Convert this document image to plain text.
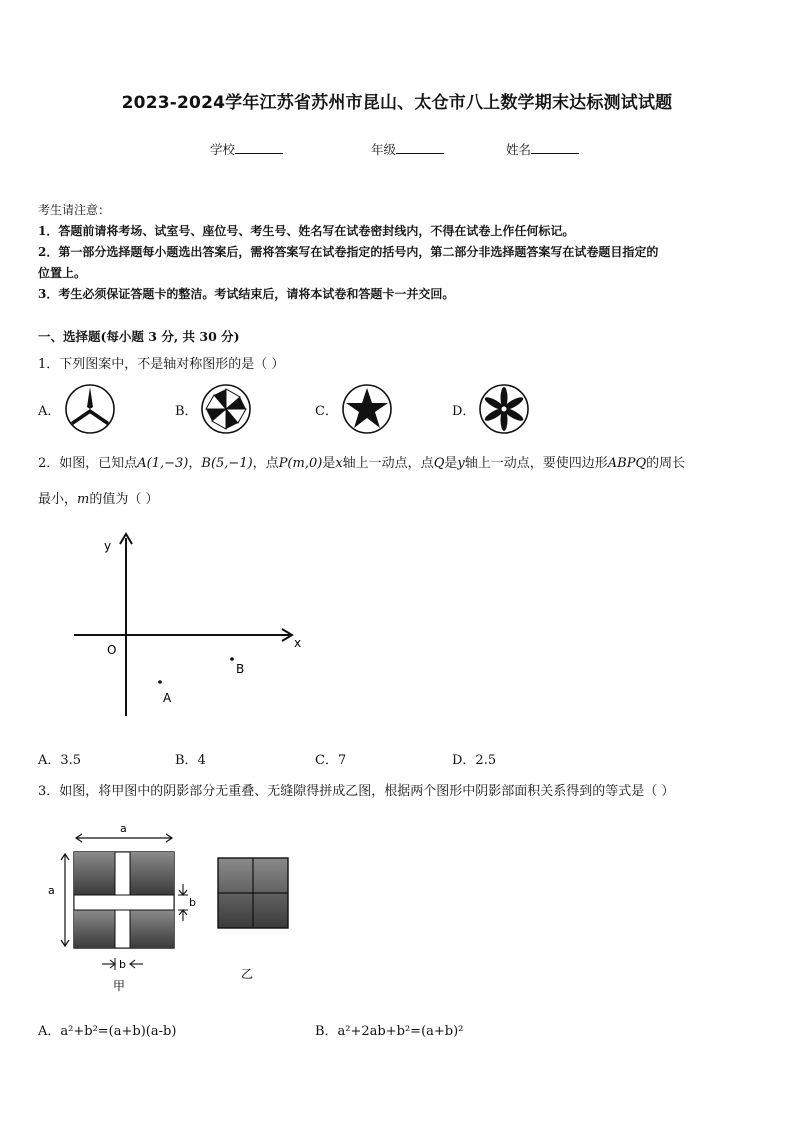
2023-2024学年江苏省苏州市昆山、太仓市八上数学期末达标测试试题
学校	年级	姓名
考生请注意：
1．答题前请将考场、试室号、座位号、考生号、姓名写在试卷密封线内，不得在试卷上作任何标记。
2．第一部分选择题每小题选出答案后，需将答案写在试卷指定的括号内，第二部分非选择题答案写在试卷题目指定的
位置上。
3．考生必须保证答题卡的整洁。考试结束后，请将本试卷和答题卡一并交回。
一、选择题(每小题 3 分, 共 30 分)
1．下列图案中，不是轴对称图形的是（ ）
A．	B．	C．	D．
2．如图，已知点A(1,−3)，B(5,−1)，点P(m,0)是x轴上一动点，点Q是y轴上一动点，要使四边形ABPQ的周长
最小，m的值为（ ）
y
x
O
A
B
A．3.5	B．4	C．7	D．2.5
3．如图，将甲图中的阴影部分无重叠、无缝隙得拼成乙图，根据两个图形中阴影部面积关系得到的等式是（ ）
a
a
b
b
甲
乙
A．a²+b²=(a+b)(a-b)	B．a²+2ab+b²=(a+b)²
